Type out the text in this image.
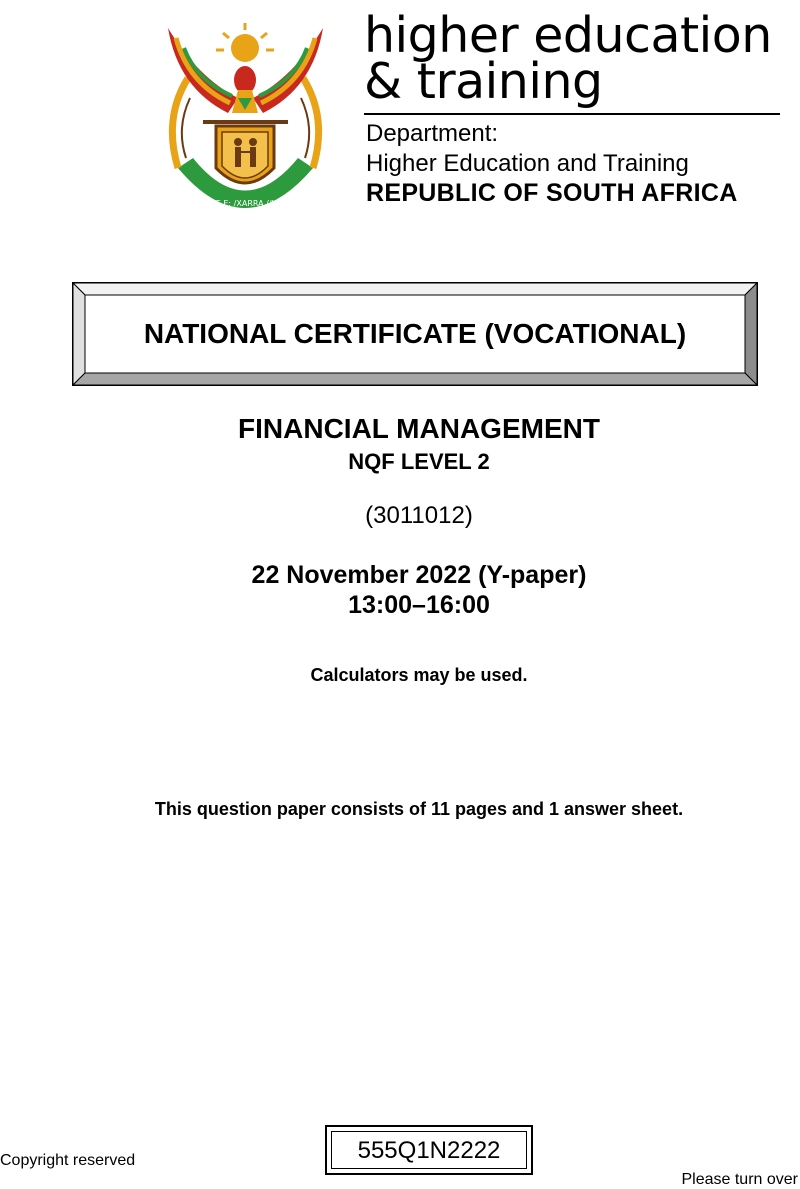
IKE E: /XARRA //KE
higher education
& training
Department:
Higher Education and Training
REPUBLIC OF SOUTH AFRICA
NATIONAL CERTIFICATE (VOCATIONAL)
FINANCIAL MANAGEMENT
NQF LEVEL 2
(3011012)
22 November 2022 (Y-paper)
13:00–16:00
Calculators may be used.
This question paper consists of 11 pages and 1 answer sheet.
555Q1N2222
Copyright reserved
Please turn over
